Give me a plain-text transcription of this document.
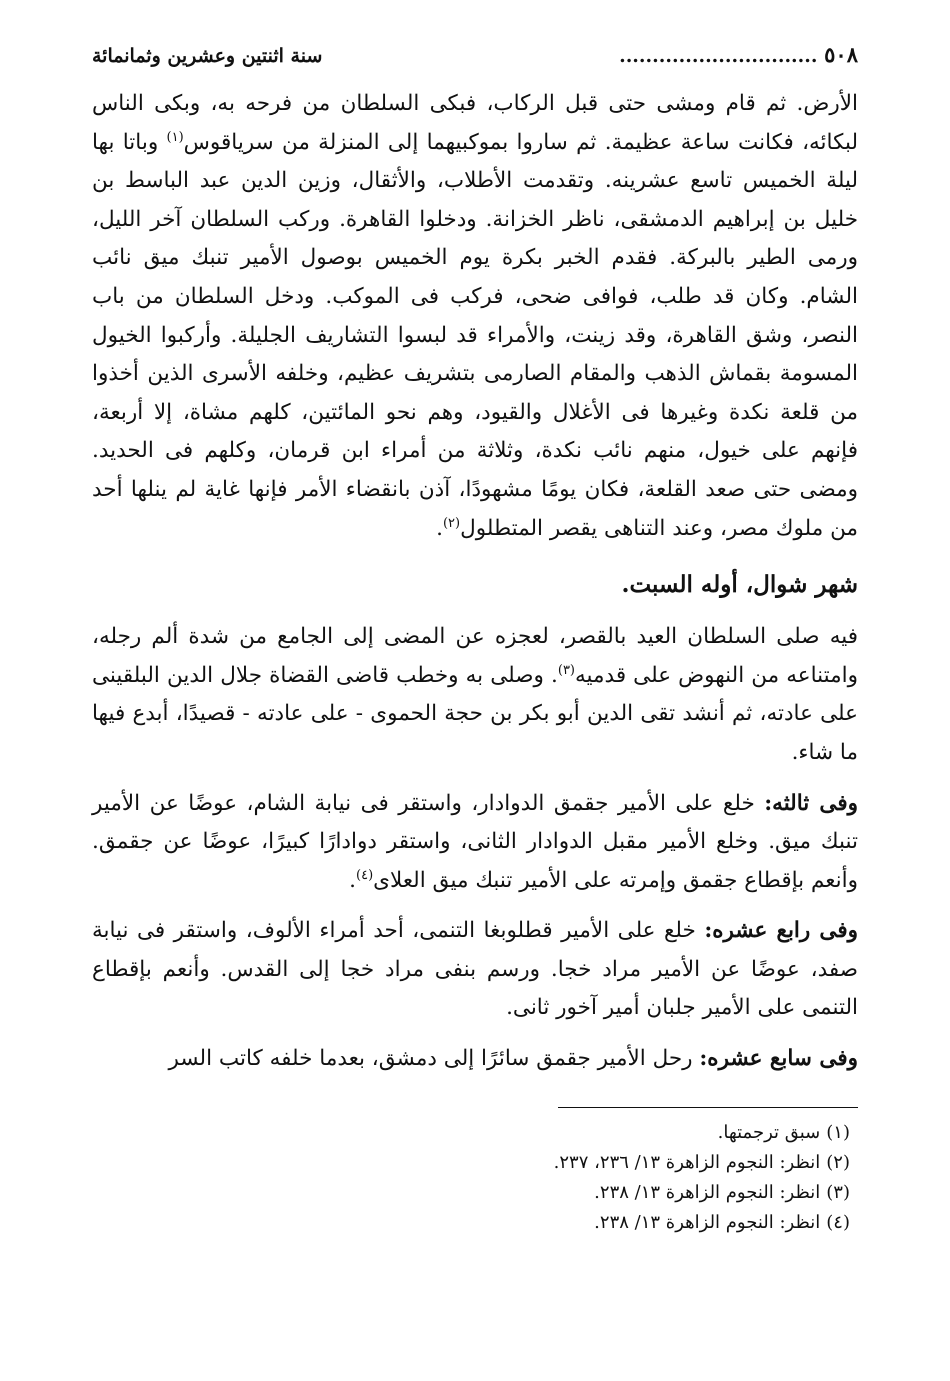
٥٠٨ ..............................
سنة اثنتين وعشرين وثمانمائة

الأرض. ثم قام ومشى حتى قبل الركاب، فبكى السلطان من فرحه به، وبكى الناس لبكائه، فكانت ساعة عظيمة. ثم ساروا بموكبيهما إلى المنزلة من سرياقوس$^{(١)}$ وباتا بها ليلة الخميس تاسع عشرينه. وتقدمت الأطلاب، والأثقال، وزين الدين عبد الباسط بن خليل بن إبراهيم الدمشقى، ناظر الخزانة. ودخلوا القاهرة. وركب السلطان آخر الليل، ورمى الطير بالبركة. فقدم الخبر بكرة يوم الخميس بوصول الأمير تنبك ميق نائب الشام. وكان قد طلب، فوافى ضحى، فركب فى الموكب. ودخل السلطان من باب النصر، وشق القاهرة، وقد زينت، والأمراء قد لبسوا التشاريف الجليلة. وأركبوا الخيول المسومة بقماش الذهب والمقام الصارمى بتشريف عظيم، وخلفه الأسرى الذين أخذوا من قلعة نكدة وغيرها فى الأغلال والقيود، وهم نحو المائتين، كلهم مشاة، إلا أربعة، فإنهم على خيول، منهم نائب نكدة، وثلاثة من أمراء ابن قرمان، وكلهم فى الحديد. ومضى حتى صعد القلعة، فكان يومًا مشهودًا، آذن بانقضاء الأمر فإنها غاية لم ينلها أحد من ملوك مصر، وعند التناهى يقصر المتطلول$^{(٢)}$.

شهر شوال، أوله السبت.

فيه صلى السلطان العيد بالقصر، لعجزه عن المضى إلى الجامع من شدة ألم رجله، وامتناعه من النهوض على قدميه$^{(٣)}$. وصلى به وخطب قاضى القضاة جلال الدين البلقينى على عادته، ثم أنشد تقى الدين أبو بكر بن حجة الحموى - على عادته - قصيدًا، أبدع فيها ما شاء.

وفى ثالثه: خلع على الأمير جقمق الدوادار، واستقر فى نيابة الشام، عوضًا عن الأمير تنبك ميق. وخلع الأمير مقبل الدوادار الثانى، واستقر دوادارًا كبيرًا، عوضًا عن جقمق. وأنعم بإقطاع جقمق وإمرته على الأمير تنبك ميق العلاى$^{(٤)}$.

وفى رابع عشره: خلع على الأمير قطلوبغا التنمى، أحد أمراء الألوف، واستقر فى نيابة صفد، عوضًا عن الأمير مراد خجا. ورسم بنفى مراد خجا إلى القدس. وأنعم بإقطاع التنمى على الأمير جلبان أمير آخور ثانى.

وفى سابع عشره: رحل الأمير جقمق سائرًا إلى دمشق، بعدما خلفه كاتب السر

(١)سبق ترجمتها.
(٢)انظر: النجوم الزاهرة ١٣/ ٢٣٦، ٢٣٧.
(٣)انظر: النجوم الزاهرة ١٣/ ٢٣٨.
(٤)انظر: النجوم الزاهرة ١٣/ ٢٣٨.
